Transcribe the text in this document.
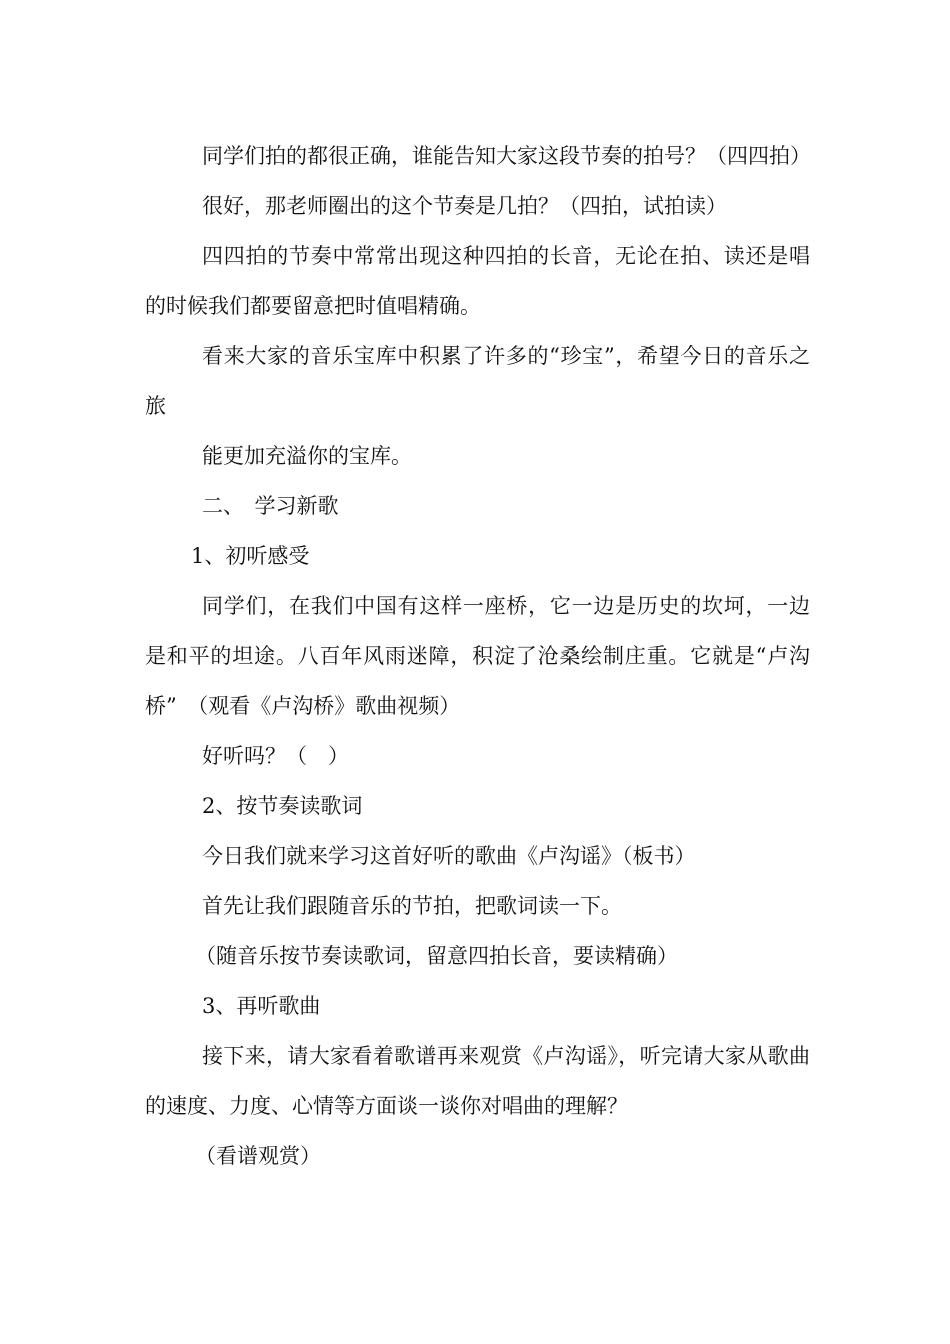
同学们拍的都很正确，谁能告知大家这段节奏的拍号？（四四拍）

很好，那老师圈出的这个节奏是几拍？（四拍，试拍读）

四四拍的节奏中常常出现这种四拍的长音，无论在拍、读还是唱的时候我们都要留意把时值唱精确。

看来大家的音乐宝库中积累了许多的“珍宝”，希望今日的音乐之旅

能更加充溢你的宝库。

二、　学习新歌

1、初听感受

同学们，在我们中国有这样一座桥，它一边是历史的坎坷，一边是和平的坦途。八百年风雨迷障，积淀了沧桑绘制庄重。它就是“卢沟桥”　（观看《卢沟桥》歌曲视频）

好听吗？（　）

2、按节奏读歌词

今日我们就来学习这首好听的歌曲《卢沟谣》（板书）

首先让我们跟随音乐的节拍，把歌词读一下。

（随音乐按节奏读歌词，留意四拍长音，要读精确）

3、再听歌曲

接下来，请大家看着歌谱再来观赏《卢沟谣》，听完请大家从歌曲的速度、力度、心情等方面谈一谈你对唱曲的理解？

（看谱观赏）
